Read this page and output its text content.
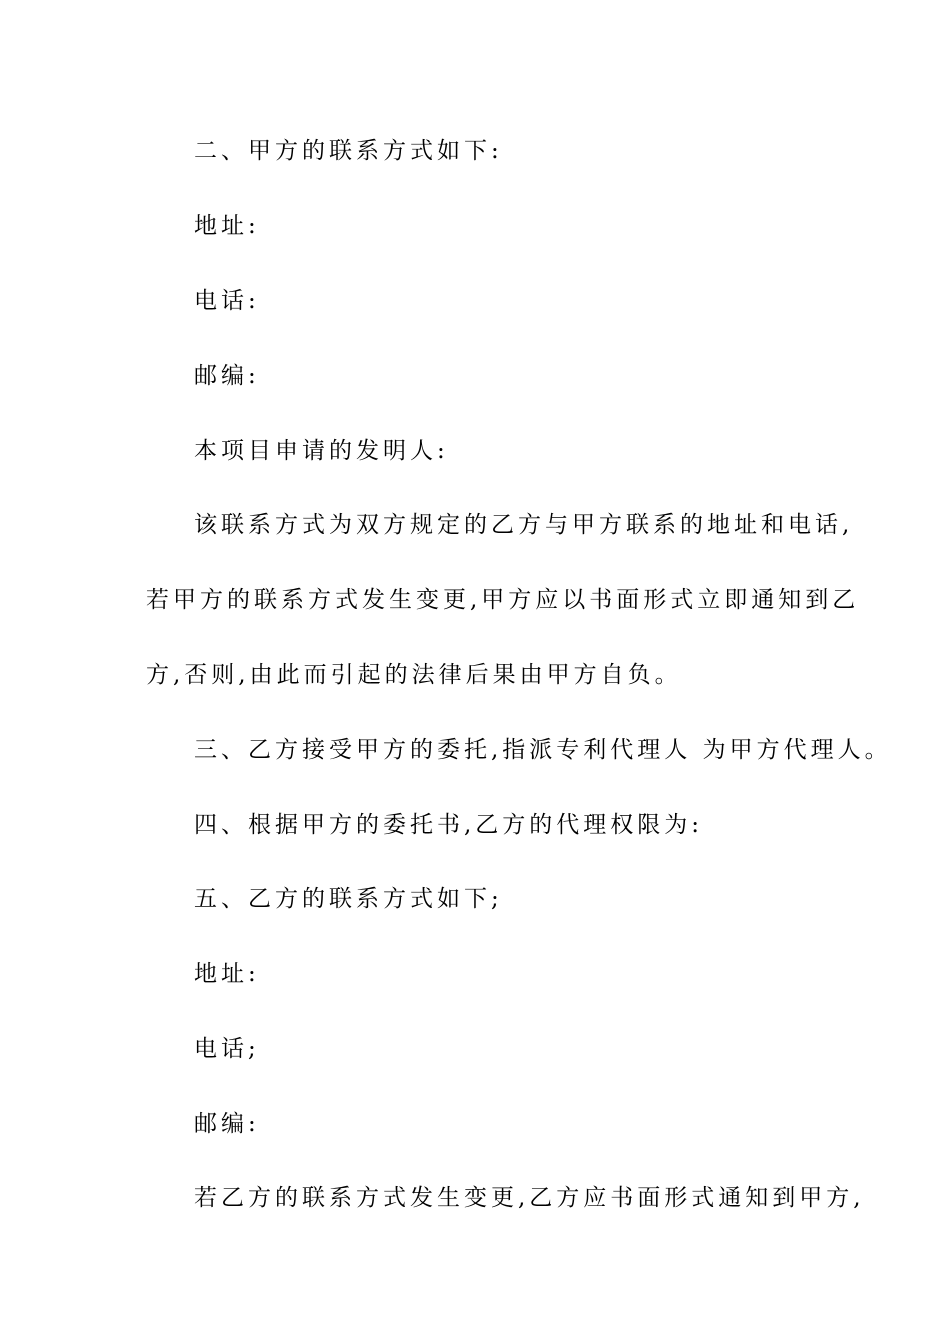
二、甲方的联系方式如下:
地址:
电话:
邮编:
本项目申请的发明人:
该联系方式为双方规定的乙方与甲方联系的地址和电话,
若甲方的联系方式发生变更,甲方应以书面形式立即通知到乙
方,否则,由此而引起的法律后果由甲方自负。
三、乙方接受甲方的委托,指派专利代理人 为甲方代理人。
四、根据甲方的委托书,乙方的代理权限为:
五、乙方的联系方式如下;
地址:
电话;
邮编:
若乙方的联系方式发生变更,乙方应书面形式通知到甲方,
